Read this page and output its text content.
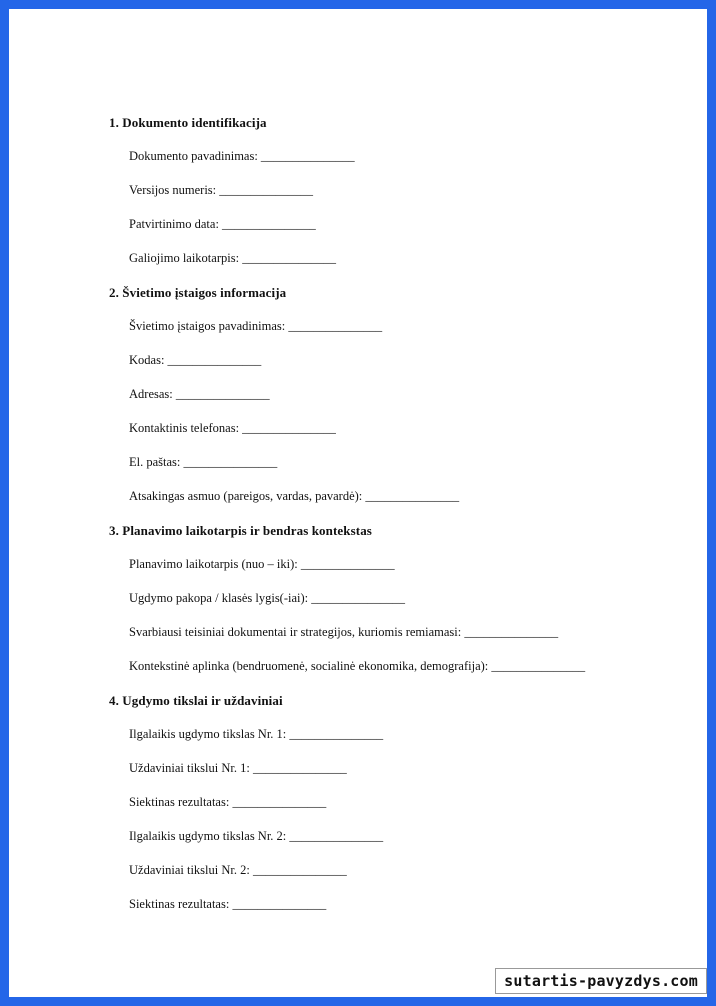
1. Dokumento identifikacija
Dokumento pavadinimas: _______________
Versijos numeris: _______________
Patvirtinimo data: _______________
Galiojimo laikotarpis: _______________
2. Švietimo įstaigos informacija
Švietimo įstaigos pavadinimas: _______________
Kodas: _______________
Adresas: _______________
Kontaktinis telefonas: _______________
El. paštas: _______________
Atsakingas asmuo (pareigos, vardas, pavardė): _______________
3. Planavimo laikotarpis ir bendras kontekstas
Planavimo laikotarpis (nuo – iki): _______________
Ugdymo pakopa / klasės lygis(-iai): _______________
Svarbiausi teisiniai dokumentai ir strategijos, kuriomis remiamasi: _______________
Kontekstinė aplinka (bendruomenė, socialinė ekonomika, demografija): _______________
4. Ugdymo tikslai ir uždaviniai
Ilgalaikis ugdymo tikslas Nr. 1: _______________
Uždaviniai tikslui Nr. 1: _______________
Siektinas rezultatas: _______________
Ilgalaikis ugdymo tikslas Nr. 2: _______________
Uždaviniai tikslui Nr. 2: _______________
Siektinas rezultatas: _______________
sutartis-pavyzdys.com
